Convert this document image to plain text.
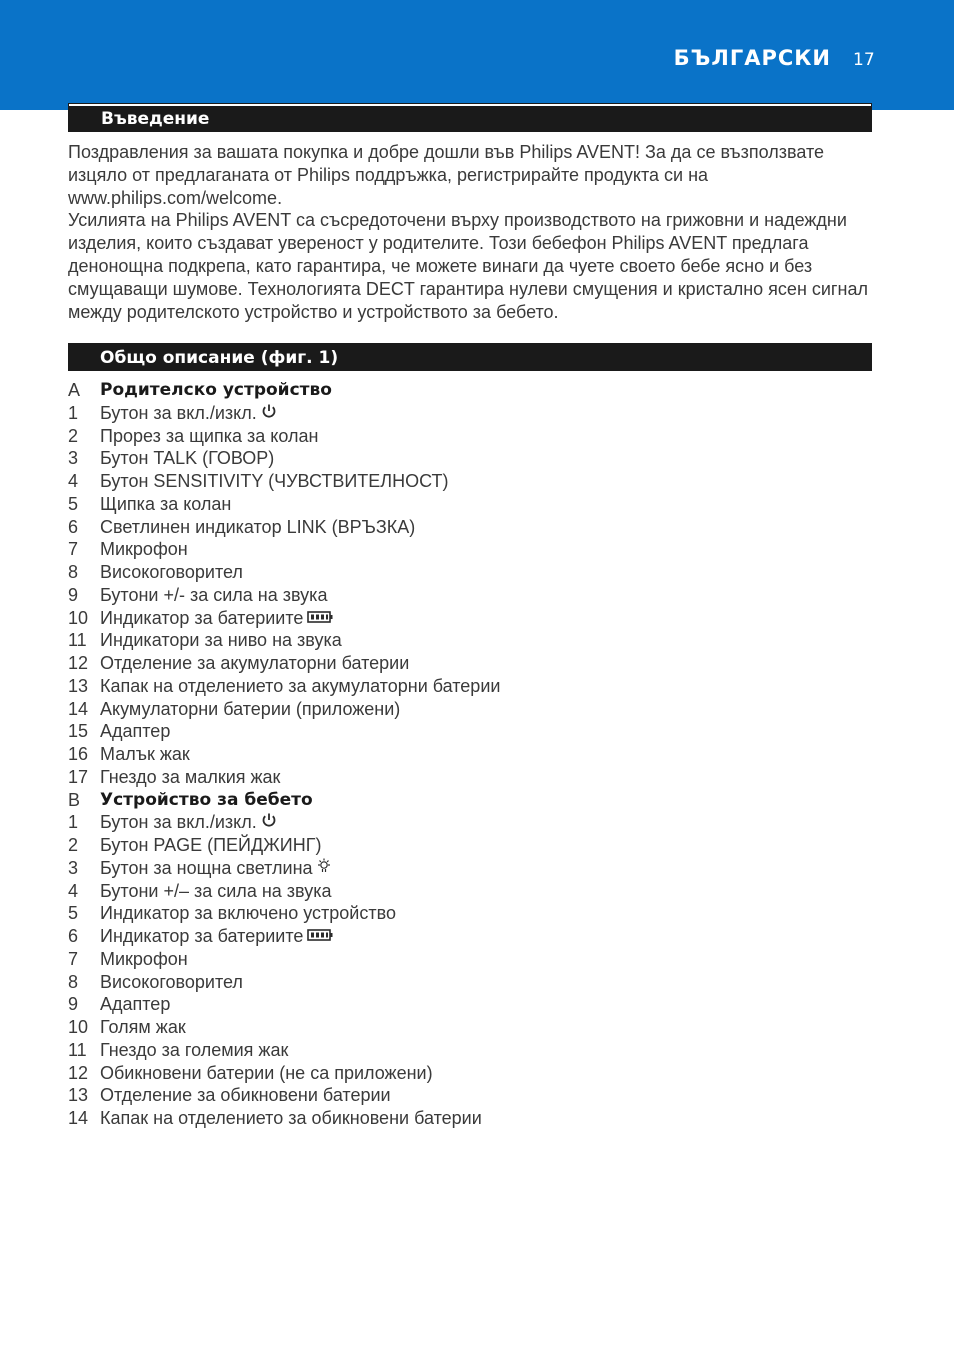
БЪЛГАРСКИ 17
Въведение

Поздравления за вашата покупка и добре дошли във Philips AVENT! За да се възползвате изцяло от предлаганата от Philips поддръжка, регистрирайте продукта си на www.philips.com/welcome.

Усилията на Philips AVENT са съсредоточени върху производството на грижовни и надеждни изделия, които създават увереност у родителите. Този бебефон Philips AVENT предлага денонощна подкрепа, като гарантира, че можете винаги да чуете своето бебе ясно и без смущаващи шумове. Технологията DECT гарантира нулеви смущения и кристално ясен сигнал между родителското устройство и устройството за бебето.

Общо описание (фиг. 1)
A	Родителско устройство
1	Бутон за вкл./изкл.
2	Прорез за щипка за колан
3	Бутон TALK (ГОВОР)
4	Бутон SENSITIVITY (ЧУВСТВИТЕЛНОСТ)
5	Щипка за колан
6	Светлинен индикатор LINK (ВРЪЗКА)
7	Микрофон
8	Високоговорител
9	Бутони +/- за сила на звука
10 Индикатор за батериите
11 Индикатори за ниво на звука
12 Отделение за акумулаторни батерии
13 Капак на отделението за акумулаторни батерии
14 Акумулаторни батерии (приложени)
15 Адаптер
16 Малък жак
17 Гнездо за малкия жак
B	Устройство за бебето
1	Бутон за вкл./изкл.
2	Бутон PAGE (ПЕЙДЖИНГ)
3	Бутон за нощна светлина
4	Бутони +/– за сила на звука
5	Индикатор за включено устройство
6	Индикатор за батериите
7	Микрофон
8	Високоговорител
9	Адаптер
10 Голям жак
11 Гнездо за големия жак
12 Обикновени батерии (не са приложени)
13 Отделение за обикновени батерии
14 Капак на отделението за обикновени батерии
